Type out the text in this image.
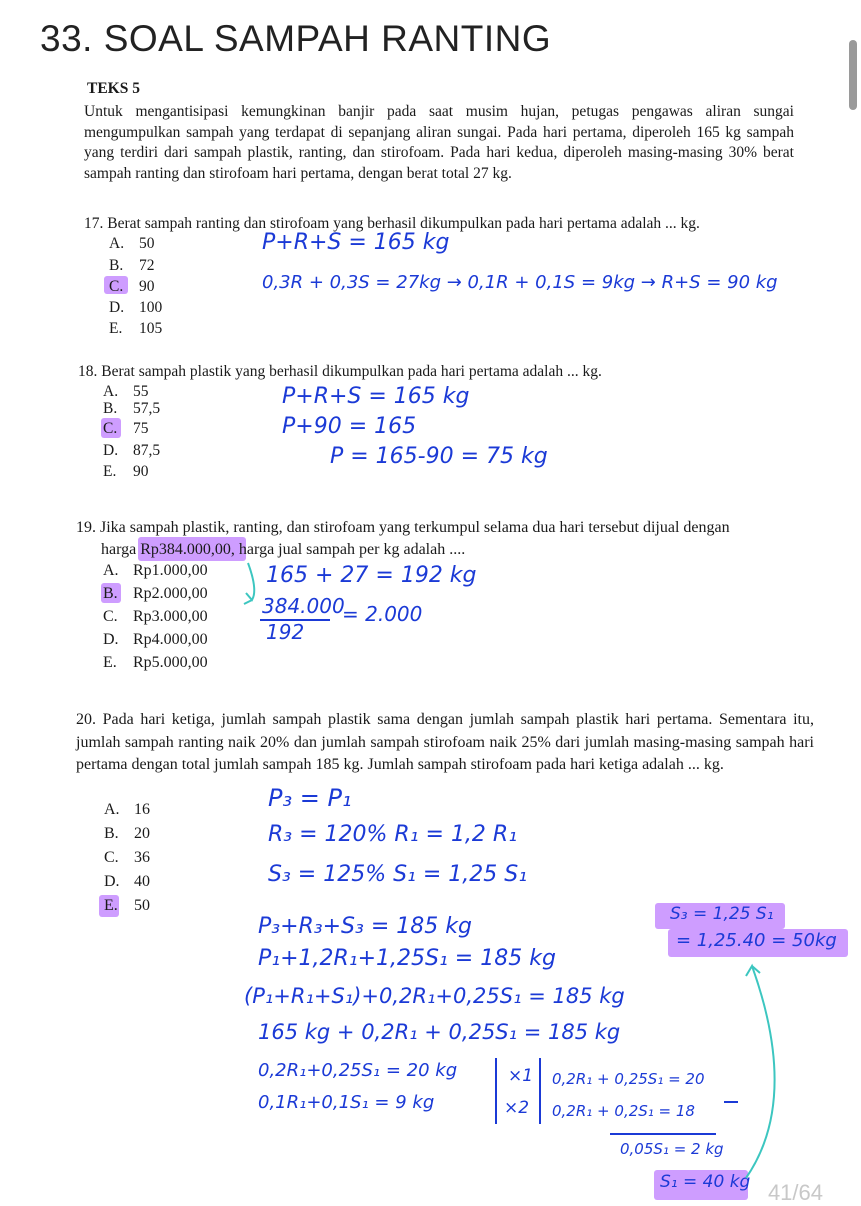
33. SOAL SAMPAH RANTING
TEKS 5
Untuk mengantisipasi kemungkinan banjir pada saat musim hujan, petugas pengawas aliran sungai mengumpulkan sampah yang terdapat di sepanjang aliran sungai. Pada hari pertama, diperoleh 165 kg sampah yang terdiri dari sampah plastik, ranting, dan stirofoam. Pada hari kedua, diperoleh masing-masing 30% berat sampah ranting dan stirofoam hari pertama, dengan berat total 27 kg.
17. Berat sampah ranting dan stirofoam yang berhasil dikumpulkan pada hari pertama adalah ... kg.
A. 50
B. 72
C. 90
D. 100
E. 105
18. Berat sampah plastik yang berhasil dikumpulkan pada hari pertama adalah ... kg.
A. 55
B. 57,5
C. 75
D. 87,5
E. 90
19. Jika sampah plastik, ranting, dan stirofoam yang terkumpul selama dua hari tersebut dijual dengan
harga Rp384.000,00, harga jual sampah per kg adalah ....
A. Rp1.000,00
B. Rp2.000,00
C. Rp3.000,00
D. Rp4.000,00
E. Rp5.000,00
20. Pada hari ketiga, jumlah sampah plastik sama dengan jumlah sampah plastik hari pertama. Sementara itu, jumlah sampah ranting naik 20% dan jumlah sampah stirofoam naik 25% dari jumlah masing-masing sampah hari pertama dengan total jumlah sampah 185 kg. Jumlah sampah stirofoam pada hari ketiga adalah ... kg.
A. 16
B. 20
C. 36
D. 40
E. 50
P+R+S = 165 kg
0,3R + 0,3S = 27kg → 0,1R + 0,1S = 9kg → R+S = 90 kg
P+R+S = 165 kg
P+90 = 165
P = 165-90 = 75 kg
165 + 27 = 192 kg
384.000
192
= 2.000
P₃ = P₁
R₃ = 120% R₁ = 1,2 R₁
S₃ = 125% S₁ = 1,25 S₁
P₃+R₃+S₃ = 185 kg
P₁+1,2R₁+1,25S₁ = 185 kg
(P₁+R₁+S₁)+0,2R₁+0,25S₁ = 185 kg
165 kg + 0,2R₁ + 0,25S₁ = 185 kg
0,2R₁+0,25S₁ = 20 kg
0,1R₁+0,1S₁ = 9 kg
×1
×2
0,2R₁ + 0,25S₁ = 20
0,2R₁ + 0,2S₁ = 18
0,05S₁ = 2 kg
S₁ = 40 kg
S₃ = 1,25 S₁
= 1,25.40 = 50kg
41/64
